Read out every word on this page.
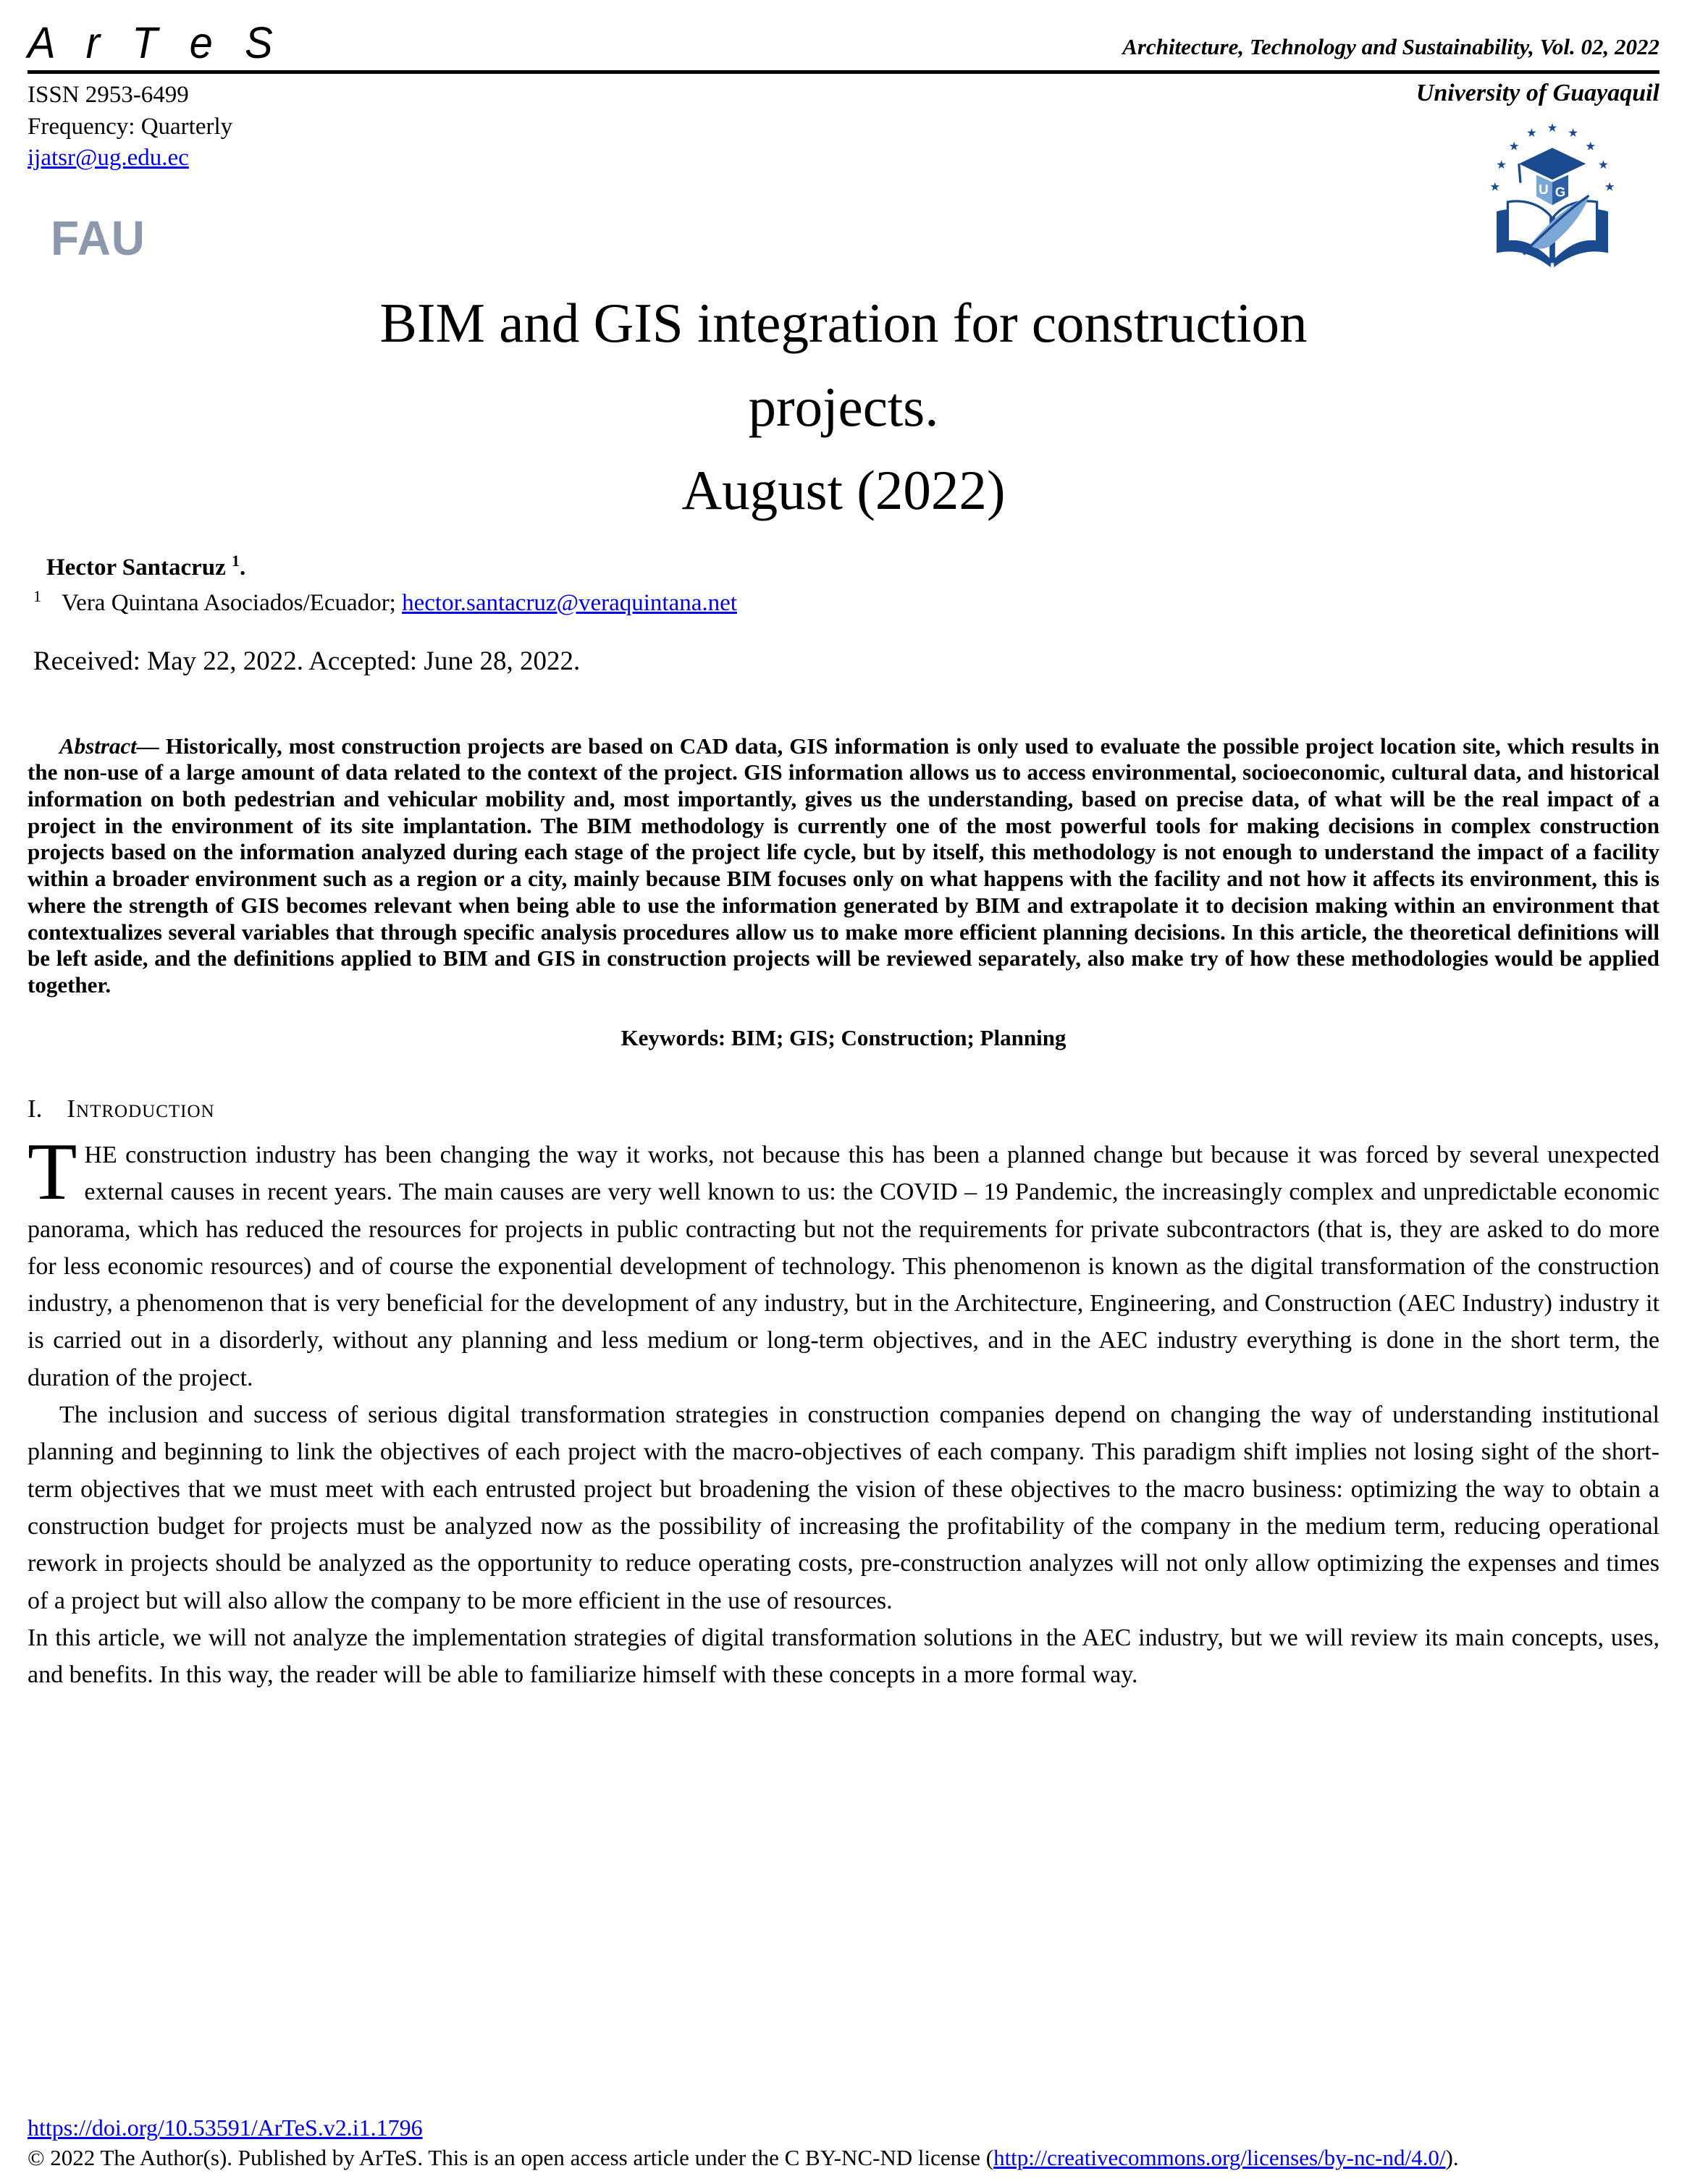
A r T e S	Architecture, Technology and Sustainability, Vol. 02, 2022
ISSN 2953-6499
Frequency: Quarterly
ijatsr@ug.edu.ec
FAU
University of Guayaquil
★
★
★
★ ★ ★
★
★
★
U G
BIM and GIS integration for construction
projects.
August (2022)
Hector Santacruz $^1$.
$^1$ Vera Quintana Asociados/Ecuador; hector.santacruz@veraquintana.net
Received: May 22, 2022. Accepted: June 28, 2022.

Abstract— Historically, most construction projects are based on CAD data, GIS information is only used to evaluate the possible project location site, which results in the non-use of a large amount of data related to the context of the project. GIS information allows us to access environmental, socioeconomic, cultural data, and historical information on both pedestrian and vehicular mobility and, most importantly, gives us the understanding, based on precise data, of what will be the real impact of a project in the environment of its site implantation. The BIM methodology is currently one of the most powerful tools for making decisions in complex construction projects based on the information analyzed during each stage of the project life cycle, but by itself, this methodology is not enough to understand the impact of a facility within a broader environment such as a region or a city, mainly because BIM focuses only on what happens with the facility and not how it affects its environment, this is where the strength of GIS becomes relevant when being able to use the information generated by BIM and extrapolate it to decision making within an environment that contextualizes several variables that through specific analysis procedures allow us to make more efficient planning decisions. In this article, the theoretical definitions will be left aside, and the definitions applied to BIM and GIS in construction projects will be reviewed separately, also make try of how these methodologies would be applied together.

Keywords: BIM; GIS; Construction; Planning
I. Introduction

THE construction industry has been changing the way it works, not because this has been a planned change but because it was forced by several unexpected external causes in recent years. The main causes are very well known to us: the COVID – 19 Pandemic, the increasingly complex and unpredictable economic panorama, which has reduced the resources for projects in public contracting but not the requirements for private subcontractors (that is, they are asked to do more for less economic resources) and of course the exponential development of technology. This phenomenon is known as the digital transformation of the construction industry, a phenomenon that is very beneficial for the development of any industry, but in the Architecture, Engineering, and Construction (AEC Industry) industry it is carried out in a disorderly, without any planning and less medium or long-term objectives, and in the AEC industry everything is done in the short term, the duration of the project.

The inclusion and success of serious digital transformation strategies in construction companies depend on changing the way of understanding institutional planning and beginning to link the objectives of each project with the macro-objectives of each company. This paradigm shift implies not losing sight of the short-term objectives that we must meet with each entrusted project but broadening the vision of these objectives to the macro business: optimizing the way to obtain a construction budget for projects must be analyzed now as the possibility of increasing the profitability of the company in the medium term, reducing operational rework in projects should be analyzed as the opportunity to reduce operating costs, pre-construction analyzes will not only allow optimizing the expenses and times of a project but will also allow the company to be more efficient in the use of resources.

In this article, we will not analyze the implementation strategies of digital transformation solutions in the AEC industry, but we will review its main concepts, uses, and benefits. In this way, the reader will be able to familiarize himself with these concepts in a more formal way.

https://doi.org/10.53591/ArTeS.v2.i1.1796
© 2022 The Author(s). Published by ArTeS. This is an open access article under the C BY-NC-ND license (http://creativecommons.org/licenses/by-nc-nd/4.0/).
